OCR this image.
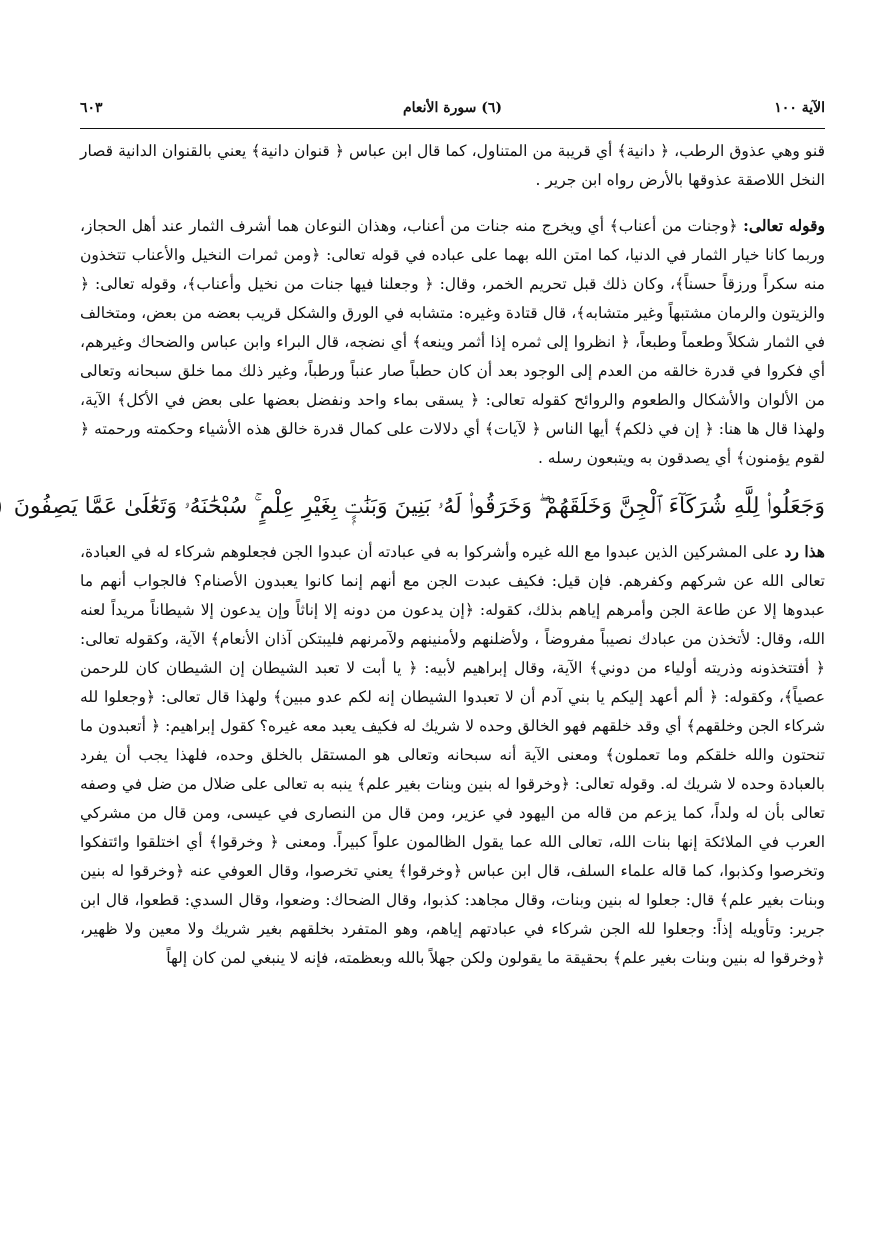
الآية ١٠٠
(٦) سورة الأنعام
٦٠٣

قنو وهي عذوق الرطب، ﴿ دانية﴾ أي قريبة من المتناول، كما قال ابن عباس ﴿ قنوان دانية﴾ يعني بالقنوان الدانية قصار النخل اللاصقة عذوقها بالأرض رواه ابن جرير .

وقوله تعالى: ﴿وجنات من أعناب﴾ أي ويخرج منه جنات من أعناب، وهذان النوعان هما أشرف الثمار عند أهل الحجاز، وربما كانا خيار الثمار في الدنيا، كما امتن الله بهما على عباده في قوله تعالى: ﴿ومن ثمرات النخيل والأعناب تتخذون منه سكراً ورزقاً حسناً﴾، وكان ذلك قبل تحريم الخمر، وقال: ﴿ وجعلنا فيها جنات من نخيل وأعناب﴾، وقوله تعالى: ﴿ والزيتون والرمان مشتبهاً وغير متشابه﴾، قال قتادة وغيره: متشابه في الورق والشكل قريب بعضه من بعض، ومتخالف في الثمار شكلاً وطعماً وطبعاً، ﴿ انظروا إلى ثمره إذا أثمر وينعه﴾ أي نضجه، قال البراء وابن عباس والضحاك وغيرهم، أي فكروا في قدرة خالقه من العدم إلى الوجود بعد أن كان حطباً صار عنباً ورطباً، وغير ذلك مما خلق سبحانه وتعالى من الألوان والأشكال والطعوم والروائح كقوله تعالى: ﴿ يسقى بماء واحد ونفضل بعضها على بعض في الأكل﴾ الآية، ولهذا قال ها هنا: ﴿ إن في ذلكم﴾ أيها الناس ﴿ لآيات﴾ أي دلالات على كمال قدرة خالق هذه الأشياء وحكمته ورحمته ﴿ لقوم يؤمنون﴾ أي يصدقون به ويتبعون رسله .

وَجَعَلُوا۟ لِلَّهِ شُرَكَآءَ ٱلْجِنَّ وَخَلَقَهُمْ ۖ وَخَرَقُوا۟ لَهُۥ بَنِينَ وَبَنَٰتٍۭ بِغَيْرِ عِلْمٍ ۚ سُبْحَٰنَهُۥ وَتَعَٰلَىٰ عَمَّا يَصِفُونَ

هذا رد على المشركين الذين عبدوا مع الله غيره وأشركوا به في عبادته أن عبدوا الجن فجعلوهم شركاء له في العبادة، تعالى الله عن شركهم وكفرهم. فإن قيل: فكيف عبدت الجن مع أنهم إنما كانوا يعبدون الأصنام؟ فالجواب أنهم ما عبدوها إلا عن طاعة الجن وأمرهم إياهم بذلك، كقوله: ﴿إن يدعون من دونه إلا إناثاً وإن يدعون إلا شيطاناً مريداً لعنه الله، وقال: لأتخذن من عبادك نصيباً مفروضاً ، ولأضلنهم ولأمنينهم ولآمرنهم فليبتكن آذان الأنعام﴾ الآية، وكقوله تعالى: ﴿ أفتتخذونه وذريته أولياء من دوني﴾ الآية، وقال إبراهيم لأبيه: ﴿ يا أبت لا تعبد الشيطان إن الشيطان كان للرحمن عصياً﴾، وكقوله: ﴿ ألم أعهد إليكم يا بني آدم أن لا تعبدوا الشيطان إنه لكم عدو مبين﴾ ولهذا قال تعالى: ﴿وجعلوا لله شركاء الجن وخلقهم﴾ أي وقد خلقهم فهو الخالق وحده لا شريك له فكيف يعبد معه غيره؟ كقول إبراهيم: ﴿ أتعبدون ما تنحتون والله خلقكم وما تعملون﴾ ومعنى الآية أنه سبحانه وتعالى هو المستقل بالخلق وحده، فلهذا يجب أن يفرد بالعبادة وحده لا شريك له. وقوله تعالى: ﴿وخرقوا له بنين وبنات بغير علم﴾ ينبه به تعالى على ضلال من ضل في وصفه تعالى بأن له ولداً، كما يزعم من قاله من اليهود في عزير، ومن قال من النصارى في عيسى، ومن قال من مشركي العرب في الملائكة إنها بنات الله، تعالى الله عما يقول الظالمون علواً كبيراً. ومعنى ﴿ وخرقوا﴾ أي اختلقوا وائتفكوا وتخرصوا وكذبوا، كما قاله علماء السلف، قال ابن عباس ﴿وخرقوا﴾ يعني تخرصوا، وقال العوفي عنه ﴿وخرقوا له بنين وبنات بغير علم﴾ قال: جعلوا له بنين وبنات، وقال مجاهد: كذبوا، وقال الضحاك: وضعوا، وقال السدي: قطعوا، قال ابن جرير: وتأويله إذاً: وجعلوا لله الجن شركاء في عبادتهم إياهم، وهو المتفرد بخلقهم بغير شريك ولا معين ولا ظهير، ﴿وخرقوا له بنين وبنات بغير علم﴾ بحقيقة ما يقولون ولكن جهلاً بالله وبعظمته، فإنه لا ينبغي لمن كان إلهاً
